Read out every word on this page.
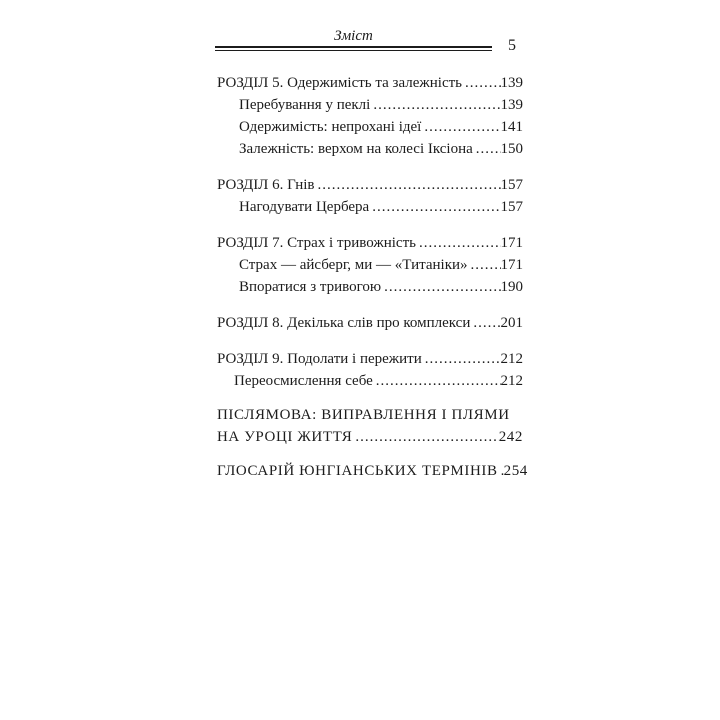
Зміст
5
РОЗДІЛ 5. Одержимість та залежність .....	139
Перебування у пеклі .....	139
Одержимість: непрохані ідеї .....	141
Залежність: верхом на колесі Іксіона ..... 150
РОЗДІЛ 6. Гнів .....	157
Нагодувати Цербера .....	157
РОЗДІЛ 7. Страх і тривожність .....	171
Страх — айсберг, ми — «Титаніки» ..... 171
Впоратися з тривогою .....	190
РОЗДІЛ 8. Декілька слів про комплекси ..... 201
РОЗДІЛ 9. Подолати і пережити .....	212
Переосмислення себе .....	212
ПІСЛЯМОВА: ВИПРАВЛЕННЯ І ПЛЯМИ
НА УРОЦІ ЖИТТЯ .....	242
ГЛОСАРІЙ ЮНГІАНСЬКИХ ТЕРМІНІВ ..... 254
